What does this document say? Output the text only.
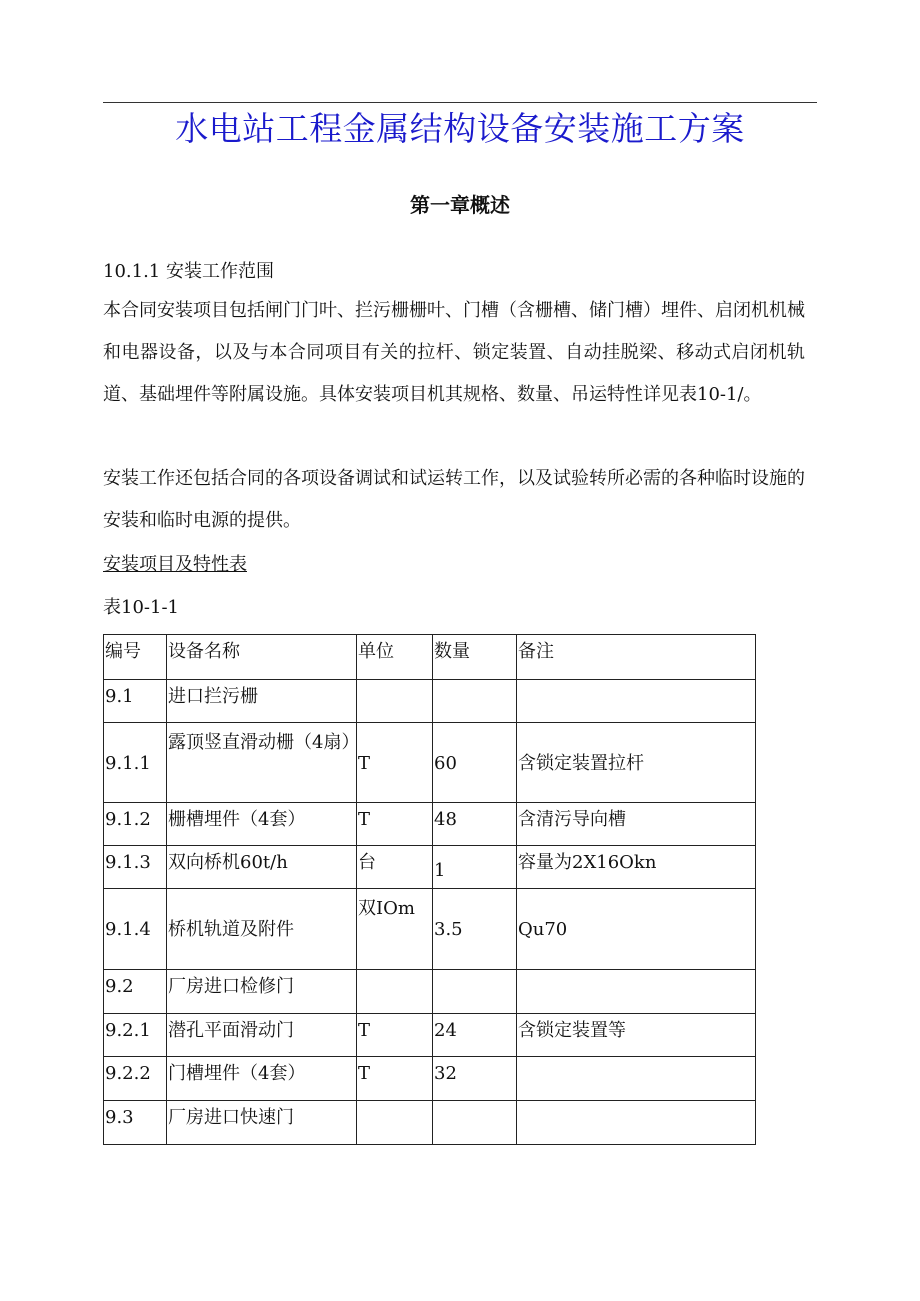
水电站工程金属结构设备安装施工方案
第一章概述
10.1.1 安装工作范围
本合同安装项目包括闸门门叶、拦污栅栅叶、门槽（含栅槽、储门槽）埋件、启闭机机械和电器设备，以及与本合同项目有关的拉杆、锁定装置、自动挂脱梁、移动式启闭机轨道、基础埋件等附属设施。具体安装项目机其规格、数量、吊运特性详见表10-1/。
安装工作还包括合同的各项设备调试和试运转工作，以及试验转所必需的各种临时设施的安装和临时电源的提供。
安装项目及特性表
表10-1-1
编号	设备名称	单位	数量	备注
9.1	进口拦污栅			
9.1.1	露顶竖直滑动栅（4扇）	T	60	含锁定装置拉杆
9.1.2	栅槽埋件（4套）	T	48	含清污导向槽
9.1.3	双向桥机60t/h	台	1	容量为2X16Okn
9.1.4	桥机轨道及附件	双IOm	3.5	Qu70
9.2	厂房进口检修门			
9.2.1	潜孔平面滑动门	T	24	含锁定装置等
9.2.2	门槽埋件（4套）	T	32	
9.3	厂房进口快速门			
